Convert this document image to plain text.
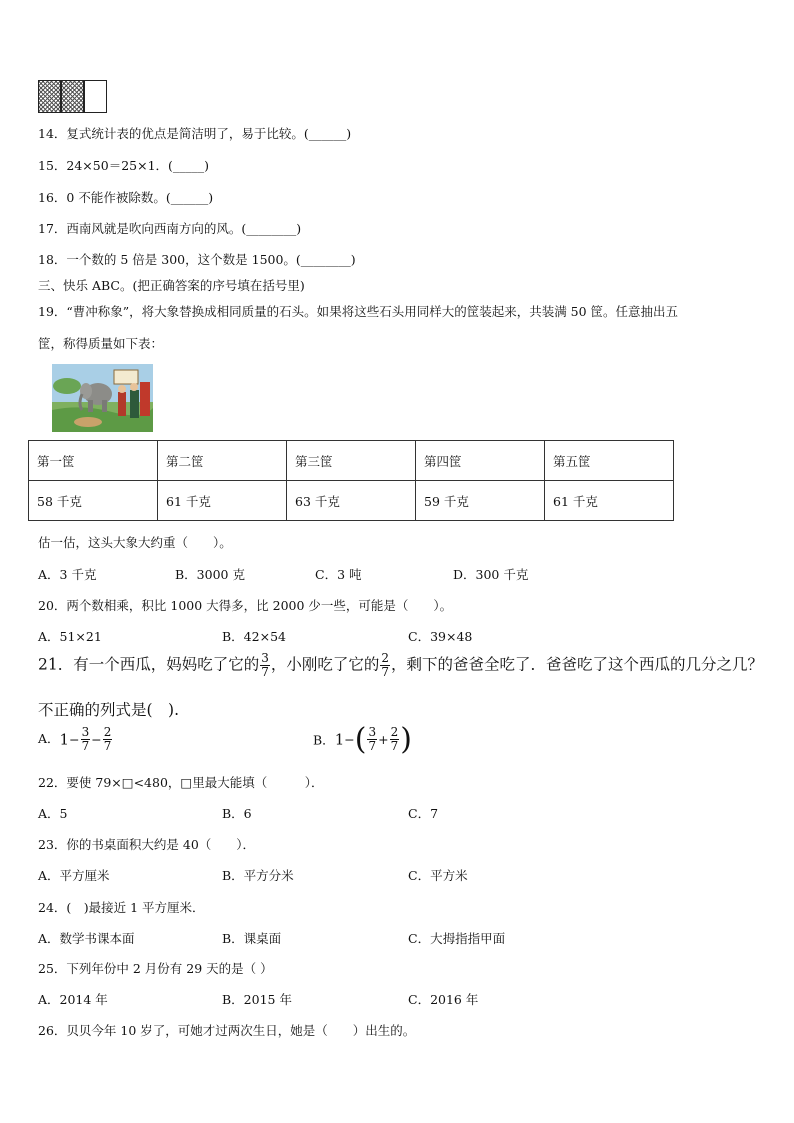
14．复式统计表的优点是简洁明了，易于比较。(______)
15．24×50＝25×1．(_____)
16．0 不能作被除数。(______)
17．西南风就是吹向西南方向的风。(________)
18．一个数的 5 倍是 300，这个数是 1500。(________)
三、快乐 ABC。(把正确答案的序号填在括号里)
19．“曹冲称象”，将大象替换成相同质量的石头。如果将这些石头用同样大的筐装起来，共装满 50 筐。任意抽出五
筐，称得质量如下表：
第一筐	第二筐	第三筐	第四筐	第五筐
58 千克	61 千克	63 千克	59 千克	61 千克
估一估，这头大象大约重（　　）。
A．3 千克	B．3000 克	C．3 吨	D．300 千克
20．两个数相乘，积比 1000 大得多，比 2000 少一些，可能是（　　）。
A．51×21	B．42×54	C．39×48
21．有一个西瓜，妈妈吃了它的 $\frac{3}{7}$ ，小刚吃了它的 $\frac{2}{7}$ ，剩下的爸爸全吃了．爸爸吃了这个西瓜的几分之几？
不正确的列式是(　).
A．$1- \frac{3}{7} - \frac{2}{7}$	B．$1-( \frac{3}{7} + \frac{2}{7}$ )
22．要使 79×□<480，□里最大能填（　　　）．
A．5	B．6	C．7
23．你的书桌面积大约是 40（　　）．
A．平方厘米	B．平方分米	C．平方米
24．(　)最接近 1 平方厘米．
A．数学书课本面	B．课桌面	C．大拇指指甲面
25．下列年份中 2 月份有 29 天的是（ ）
A．2014 年	B．2015 年	C．2016 年
26．贝贝今年 10 岁了，可她才过两次生日，她是（　　）出生的。
